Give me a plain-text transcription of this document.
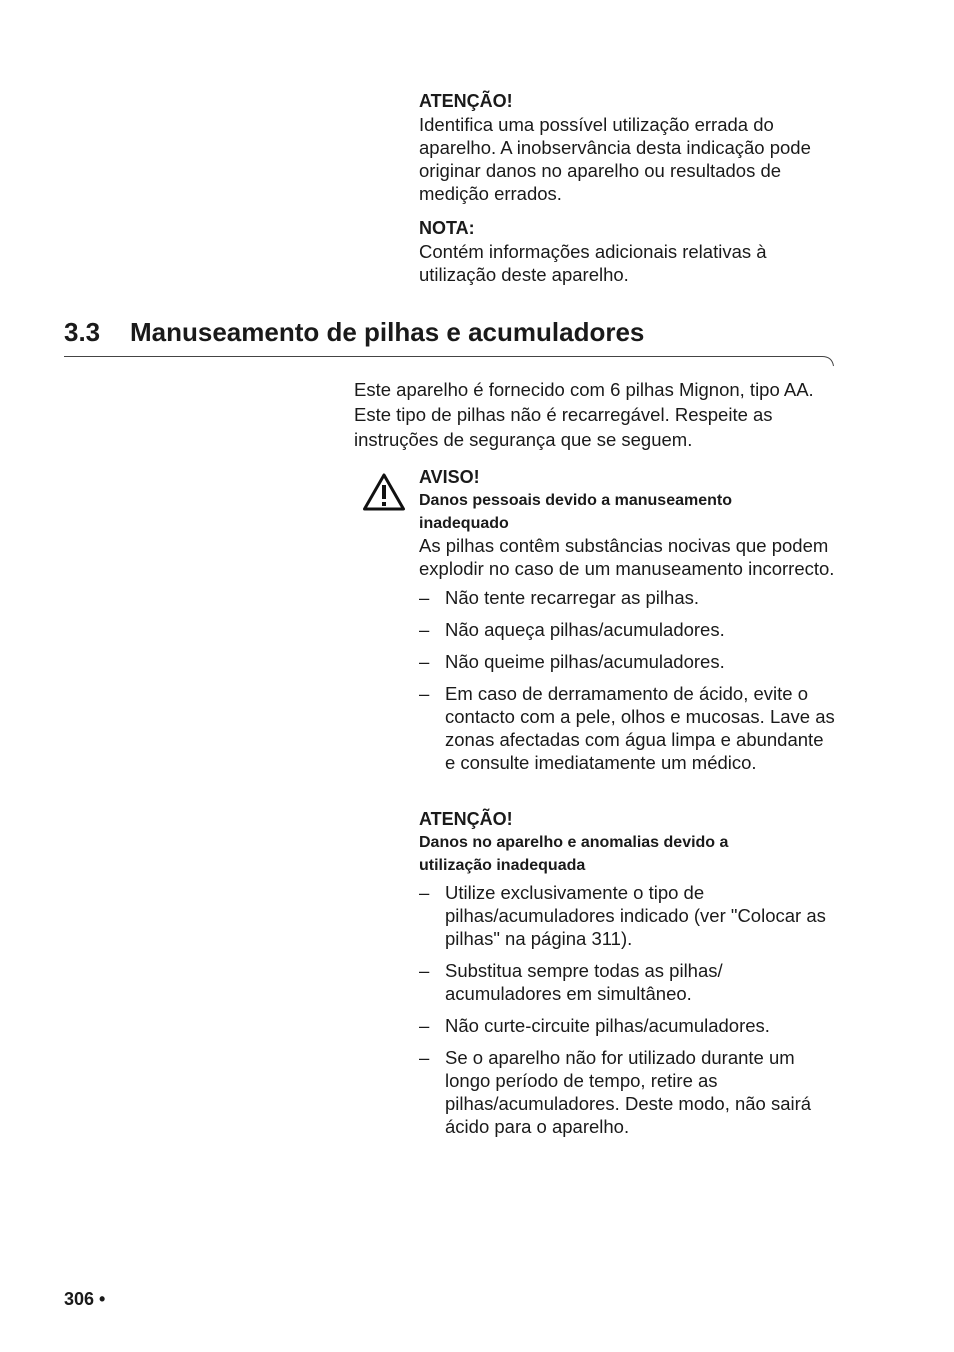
ATENÇÃO!
Identifica uma possível utilização errada do aparelho. A inobservância desta indicação pode originar danos no aparelho ou resultados de medição errados.
NOTA:
Contém informações adicionais relativas à utilização deste aparelho.
3.3 Manuseamento de pilhas e acumuladores
Este aparelho é fornecido com 6 pilhas Mignon, tipo AA. Este tipo de pilhas não é recarregável. Respeite as instruções de segurança que se seguem.
AVISO!
Danos pessoais devido a manuseamento inadequado
As pilhas contêm substâncias nocivas que podem explodir no caso de um manuseamento incorrecto.
– Não tente recarregar as pilhas.
– Não aqueça pilhas/acumuladores.
– Não queime pilhas/acumuladores.
– Em caso de derramamento de ácido, evite o contacto com a pele, olhos e mucosas. Lave as zonas afectadas com água limpa e abundante e consulte imediatamente um médico.
ATENÇÃO!
Danos no aparelho e anomalias devido a utilização inadequada
– Utilize exclusivamente o tipo de pilhas/acumuladores indicado (ver "Colocar as pilhas" na página 311).
– Substitua sempre todas as pilhas/ acumuladores em simultâneo.
– Não curte-circuite pilhas/acumuladores.
– Se o aparelho não for utilizado durante um longo período de tempo, retire as pilhas/acumuladores. Deste modo, não sairá ácido para o aparelho.
306 •
